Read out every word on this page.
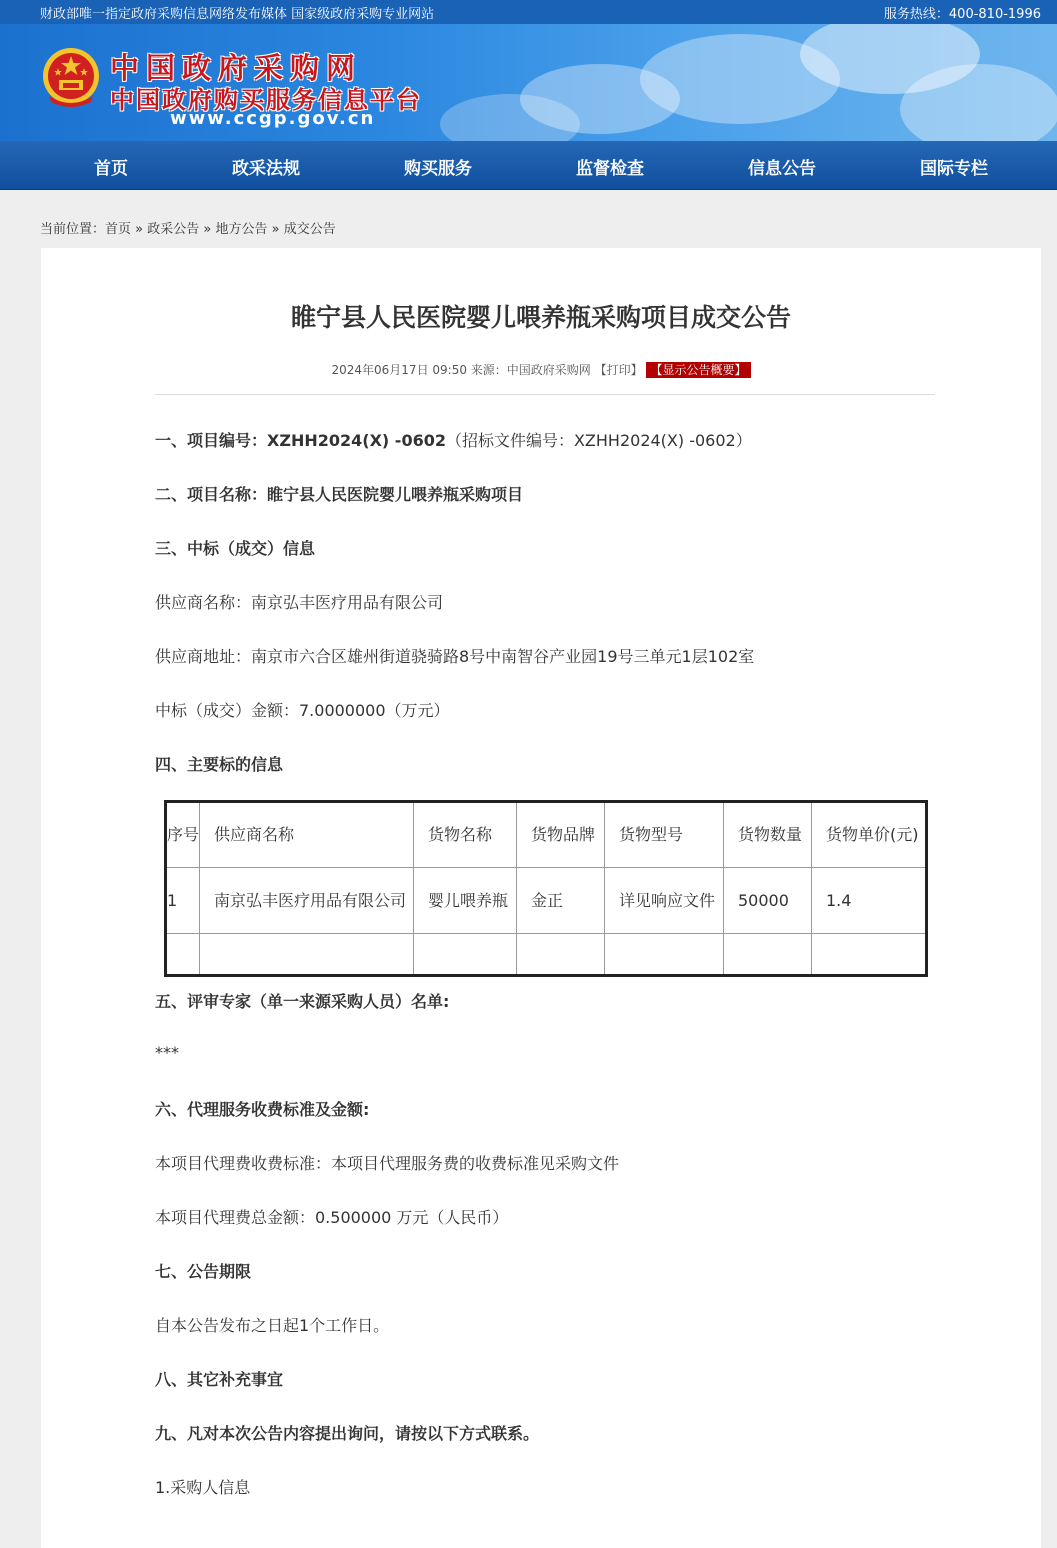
财政部唯一指定政府采购信息网络发布媒体 国家级政府采购专业网站	服务热线：400-810-1996
中国政府采购网
中国政府购买服务信息平台
www.ccgp.gov.cn
首页	政采法规	购买服务	监督检查	信息公告	国际专栏
当前位置：首页 » 政采公告 » 地方公告 » 成交公告
睢宁县人民医院婴儿喂养瓶采购项目成交公告
2024年06月17日 09:50 来源：中国政府采购网 【打印】 【显示公告概要】
一、项目编号：XZHH2024(X) -0602（招标文件编号：XZHH2024(X) -0602）
二、项目名称：睢宁县人民医院婴儿喂养瓶采购项目
三、中标（成交）信息
供应商名称：南京弘丰医疗用品有限公司
供应商地址：南京市六合区雄州街道骁骑路8号中南智谷产业园19号三单元1层102室
中标（成交）金额：7.0000000（万元）
四、主要标的信息
序号	供应商名称	货物名称	货物品牌	货物型号	货物数量	货物单价(元)
1	南京弘丰医疗用品有限公司	婴儿喂养瓶	金正	详见响应文件	50000	1.4

五、评审专家（单一来源采购人员）名单:
***
六、代理服务收费标准及金额:
本项目代理费收费标准：本项目代理服务费的收费标准见采购文件
本项目代理费总金额：0.500000 万元（人民币）
七、公告期限
自本公告发布之日起1个工作日。
八、其它补充事宜
九、凡对本次公告内容提出询问，请按以下方式联系。
1.采购人信息
